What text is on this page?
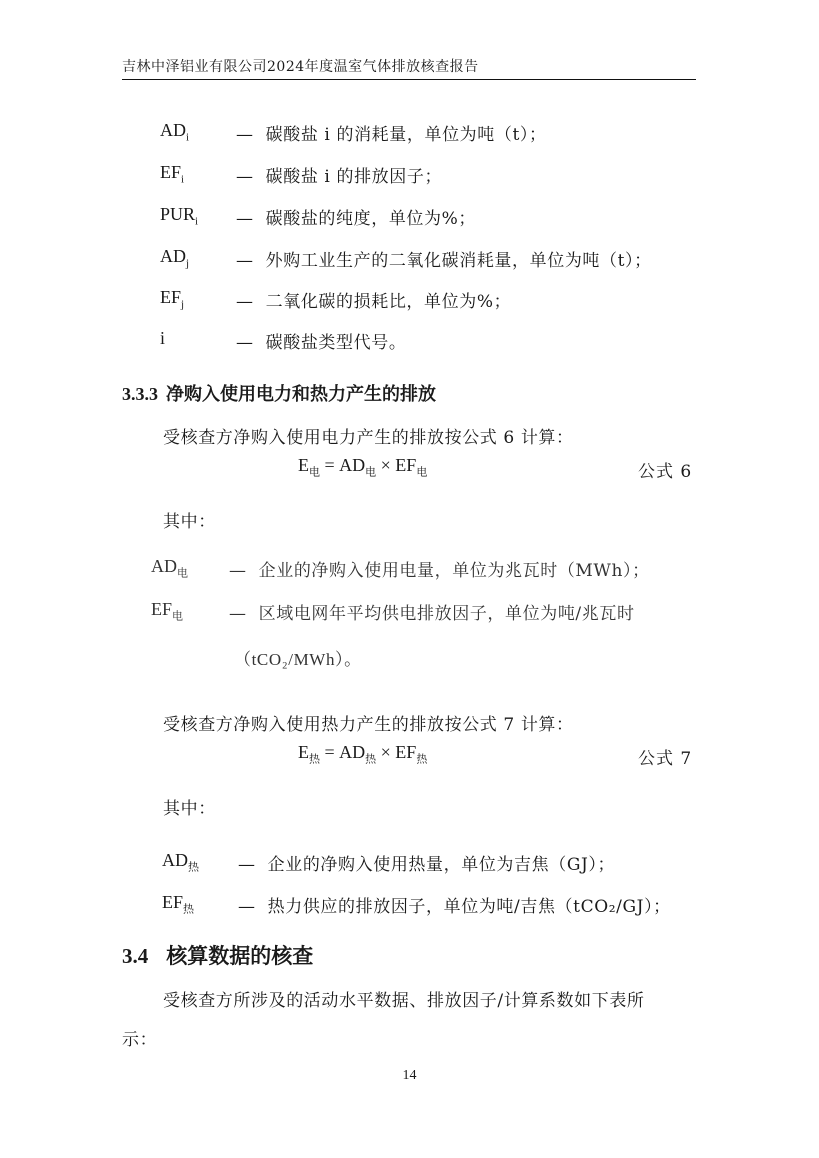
吉林中泽铝业有限公司2024年度温室气体排放核查报告
$AD_i$	— 碳酸盐 i 的消耗量，单位为吨（t）；
$EF_i$	— 碳酸盐 i 的排放因子；
$PUR_i$ — 碳酸盐的纯度，单位为%；
$AD_j$	— 外购工业生产的二氧化碳消耗量，单位为吨（t）；
$EF_j$	— 二氧化碳的损耗比，单位为%；
i	— 碳酸盐类型代号。
3.3.3 净购入使用电力和热力产生的排放
受核查方净购入使用电力产生的排放按公式 6 计算：
$E_电 = AD_电 \times EF_电$	公式 6
其中：
$AD_电$ — 企业的净购入使用电量，单位为兆瓦时（MWh）；
$EF_电$	— 区域电网年平均供电排放因子，单位为吨/兆瓦时
（tCO₂/MWh）。
受核查方净购入使用热力产生的排放按公式 7 计算：
$E_热 = AD_热 \times EF_热$	公式 7
其中：
$AD_热$ — 企业的净购入使用热量，单位为吉焦（GJ）；
$EF_热$	— 热力供应的排放因子，单位为吨/吉焦（tCO₂/GJ）；
3.4 核算数据的核查
受核查方所涉及的活动水平数据、排放因子/计算系数如下表所
示：
14
